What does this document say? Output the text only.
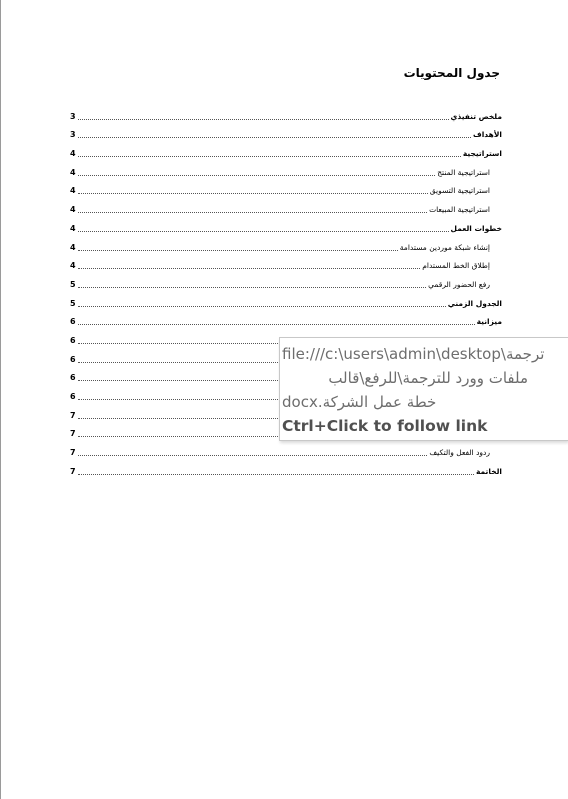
جدول المحتويات
3	ملخص تنفيذي
3	الأهداف
4	استراتيجية
4	استراتيجية المنتج
4	استراتيجية التسويق
4	استراتيجية المبيعات
4	خطوات العمل
4	إنشاء شبكة موردين مستدامة
4	إطلاق الخط المستدام
5	رفع الحضور الرقمي
5	الجدول الزمني
6	ميزانية
6
6
6
6
7
7
7	ردود الفعل والتكيف
7	الخاتمة
file:///c:\users\admin\desktop\ترجمة
ملفات وورد للترجمة\للرفع\قالب
خطة عمل الشركة.docx
Ctrl+Click to follow link
